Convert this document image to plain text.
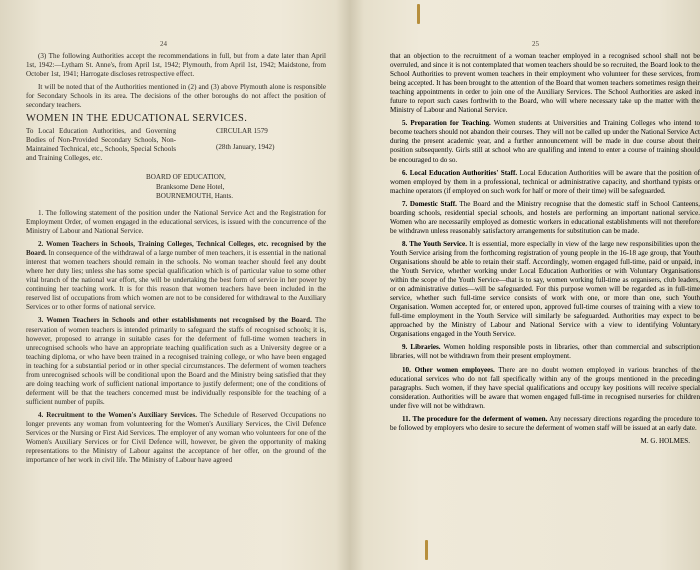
24

(3) The following Authorities accept the recommendations in full, but from a date later than April 1st, 1942:—Lytham St. Anne's, from April 1st, 1942; Plymouth, from April 1st, 1942; Maidstone, from October 1st, 1941; Harrogate discloses retrospective effect.

It will be noted that of the Authorities mentioned in (2) and (3) above Plymouth alone is responsible for Secondary Schools in its area. The decisions of the other boroughs do not affect the position of secondary teachers.

WOMEN IN THE EDUCATIONAL SERVICES.

To Local Education Authorities, and Governing Bodies of Non-Provided Secondary Schools, Non-Maintained Technical, etc., Schools, Special Schools and Training Colleges, etc.
CIRCULAR 1579
(28th January, 1942)
BOARD OF EDUCATION,
Branksome Dene Hotel,
BOURNEMOUTH, Hants.

1. The following statement of the position under the National Service Act and the Registration for Employment Order, of women engaged in the educational services, is issued with the concurrence of the Ministry of Labour and National Service.

2. Women Teachers in Schools, Training Colleges, Technical Colleges, etc. recognised by the Board. In consequence of the withdrawal of a large number of men teachers, it is essential in the national interest that women teachers should remain in the schools. No woman teacher should feel any doubt where her duty lies; unless she has some special qualification which is of particular value to some other vital branch of the national war effort, she will be undertaking the best form of service in her power by continuing her teaching work. It is for this reason that women teachers have been included in the reserved list of occupations from which women are not to be considered for withdrawal to the Auxiliary Services or to other forms of national service.

3. Women Teachers in Schools and other establishments not recognised by the Board. The reservation of women teachers is intended primarily to safeguard the staffs of recognised schools; it is, however, proposed to arrange in suitable cases for the deferment of full-time women teachers in unrecognised schools who have an appropriate teaching qualification such as a University degree or a teaching diploma, or who have been trained in a recognised training college, or who have been engaged in teaching for a substantial period or in other special circumstances. The deferment of women teachers from unrecognised schools will be conditional upon the Board and the Ministry being satisfied that they are doing teaching work of sufficient national importance to justify deferment; one of the conditions of deferment will be that the teachers concerned must be individually responsible for the teaching of a sufficient number of pupils.

4. Recruitment to the Women's Auxiliary Services. The Schedule of Reserved Occupations no longer prevents any woman from volunteering for the Women's Auxiliary Services, the Civil Defence Services or the Nursing or First Aid Services. The employer of any woman who volunteers for one of the Women's Auxiliary Services or for Civil Defence will, however, be given the opportunity of making representations to the Ministry of Labour against the acceptance of her offer, on the ground of the importance of her work in civil life. The Ministry of Labour have agreed

25

that an objection to the recruitment of a woman teacher employed in a recognised school shall not be overruled, and since it is not contemplated that women teachers should be so recruited, the Board look to the School Authorities to prevent women teachers in their employment who volunteer for these services, from being accepted. It has been brought to the attention of the Board that women teachers sometimes resign their teaching appointments in order to join one of the Auxiliary Services. The School Authorities are asked in future to report such cases forthwith to the Board, who will where necessary take up the matter with the Ministry of Labour and National Service.

5. Preparation for Teaching. Women students at Universities and Training Colleges who intend to become teachers should not abandon their courses. They will not be called up under the National Service Act during the present academic year, and a further announcement will be made in due course about their position subsequently. Girls still at school who are qualifing and intend to enter a course of training should be encouraged to do so.

6. Local Education Authorities' Staff. Local Education Authorities will be aware that the position of women employed by them in a professional, technical or administrative capacity, and shorthand typists or machine operators (if employed on such work for half or more of their time) will be safeguarded.

7. Domestic Staff. The Board and the Ministry recognise that the domestic staff in School Canteens, boarding schools, residential special schools, and hostels are performing an important national service. Women who are necessarily employed as domestic workers in educational establishments will not therefore be withdrawn unless reasonably satisfactory arrangements for substitution can be made.

8. The Youth Service. It is essential, more especially in view of the large new responsibilities upon the Youth Service arising from the forthcoming registration of young people in the 16-18 age group, that Youth Organisations should be able to retain their staff. Accordingly, women engaged full-time, paid or unpaid, in the Youth Service, whether working under Local Education Authorities or with Voluntary Organisations within the scope of the Youth Service—that is to say, women working full-time as organisers, club leaders, or on administrative duties—will be safeguarded. For this purpose women will be regarded as in full-time service, whether such full-time service consists of work with one, or more than one, such Youth Organisation. Women accepted for, or entered upon, approved full-time courses of training with a view to full-time employment in the Youth Service will similarly be safeguarded. Authorities may expect to be approached by the Ministry of Labour and National Service with a view to identifying Voluntary Organisations engaged in the Youth Service.

9. Libraries. Women holding responsible posts in libraries, other than commercial and subscription libraries, will not be withdrawn from their present employment.

10. Other women employees. There are no doubt women employed in various branches of the educational services who do not fall specifically within any of the groups mentioned in the preceding paragraphs. Such women, if they have special qualifications and occupy key positions will receive special consideration. Authorities will be aware that women engaged full-time in recognised nurseries for children under five will not be withdrawn.

11. The procedure for the deferment of women. Any necessary directions regarding the procedure to be followed by employers who desire to secure the deferment of women staff will be issued at an early date.

M. G. HOLMES.
